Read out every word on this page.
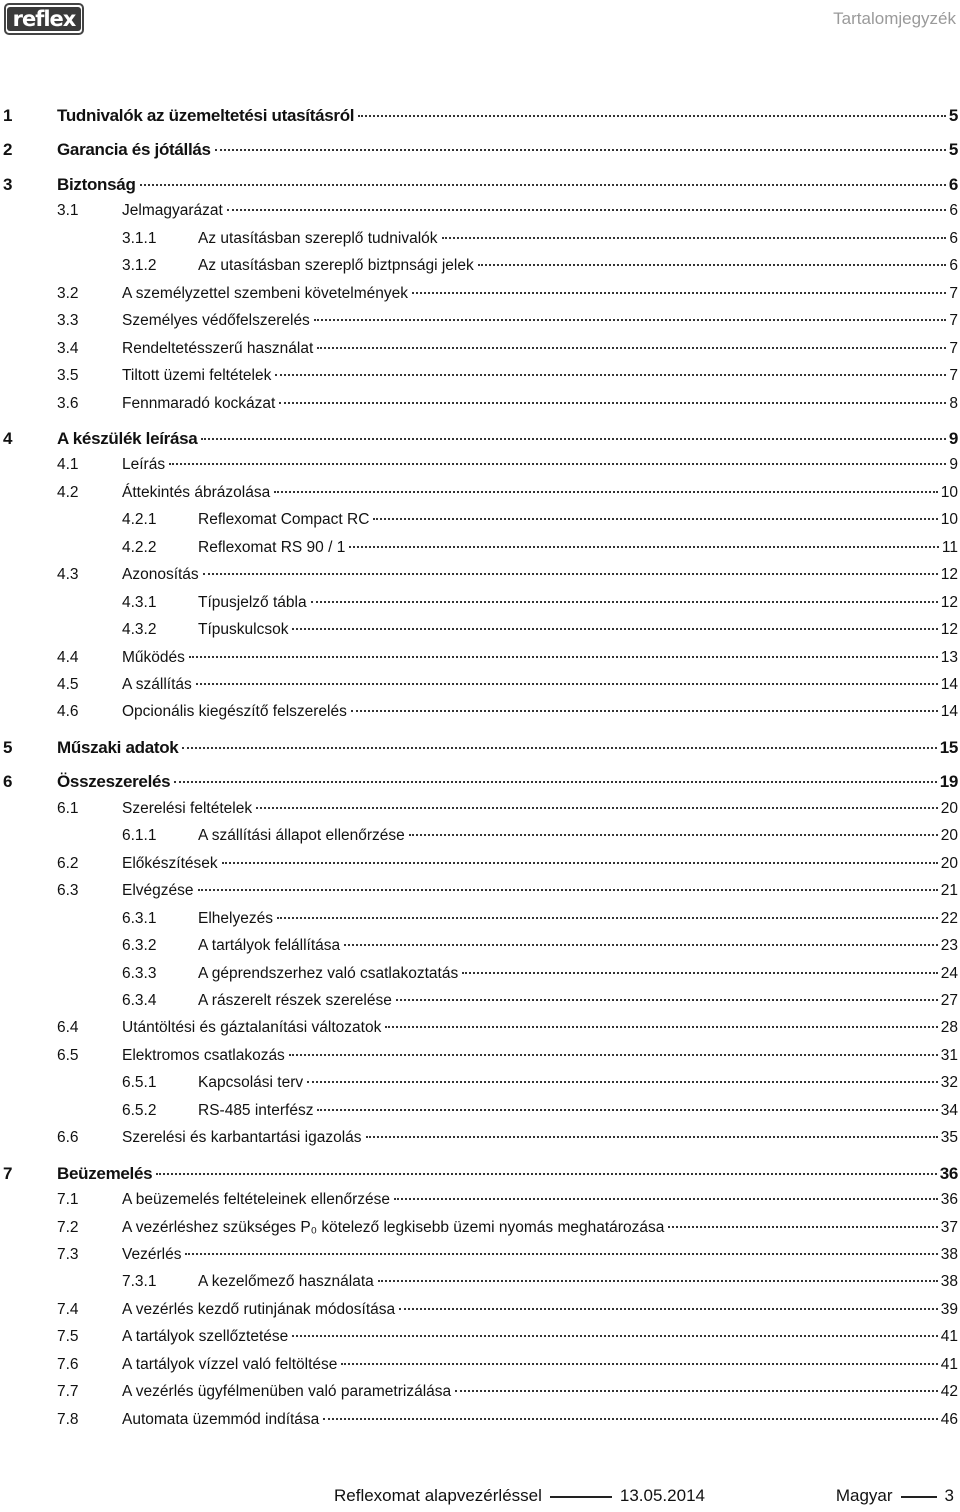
reflex	Tartalomjegyzék
1	Tudnivalók az üzemeltetési utasításról	5
2	Garancia és jótállás	5
3	Biztonság	6
3.1	Jelmagyarázat	6
3.1.1	Az utasításban szereplő tudnivalók	6
3.1.2	Az utasításban szereplő biztpnsági jelek	6
3.2	A személyzettel szembeni követelmények	7
3.3	Személyes védőfelszerelés	7
3.4	Rendeltetésszerű használat	7
3.5	Tiltott üzemi feltételek	7
3.6	Fennmaradó kockázat	8
4	A készülék leírása	9
4.1	Leírás	9
4.2	Áttekintés ábrázolása	10
4.2.1	Reflexomat Compact RC	10
4.2.2	Reflexomat RS 90 / 1	11
4.3	Azonosítás	12
4.3.1	Típusjelző tábla	12
4.3.2	Típuskulcsok	12
4.4	Működés	13
4.5	A szállítás	14
4.6	Opcionális kiegészítő felszerelés	14
5	Műszaki adatok	15
6	Összeszerelés	19
6.1	Szerelési feltételek	20
6.1.1	A szállítási állapot ellenőrzése	20
6.2	Előkészítések	20
6.3	Elvégzése	21
6.3.1	Elhelyezés	22
6.3.2	A tartályok felállítása	23
6.3.3	A géprendszerhez való csatlakoztatás	24
6.3.4	A rászerelt részek szerelése	27
6.4	Utántöltési és gáztalanítási változatok	28
6.5	Elektromos csatlakozás	31
6.5.1	Kapcsolási terv	32
6.5.2	RS-485 interfész	34
6.6	Szerelési és karbantartási igazolás	35
7	Beüzemelés	36
7.1	A beüzemelés feltételeinek ellenőrzése	36
7.2	A vezérléshez szükséges P₀ kötelező legkisebb üzemi nyomás meghatározása	37
7.3	Vezérlés	38
7.3.1	A kezelőmező használata	38
7.4	A vezérlés kezdő rutinjának módosítása	39
7.5	A tartályok szellőztetése	41
7.6	A tartályok vízzel való feltöltése	41
7.7	A vezérlés ügyfélmenüben való parametrizálása	42
7.8	Automata üzemmód indítása	46
Reflexomat alapvezérléssel	13.05.2014	Magyar	3
